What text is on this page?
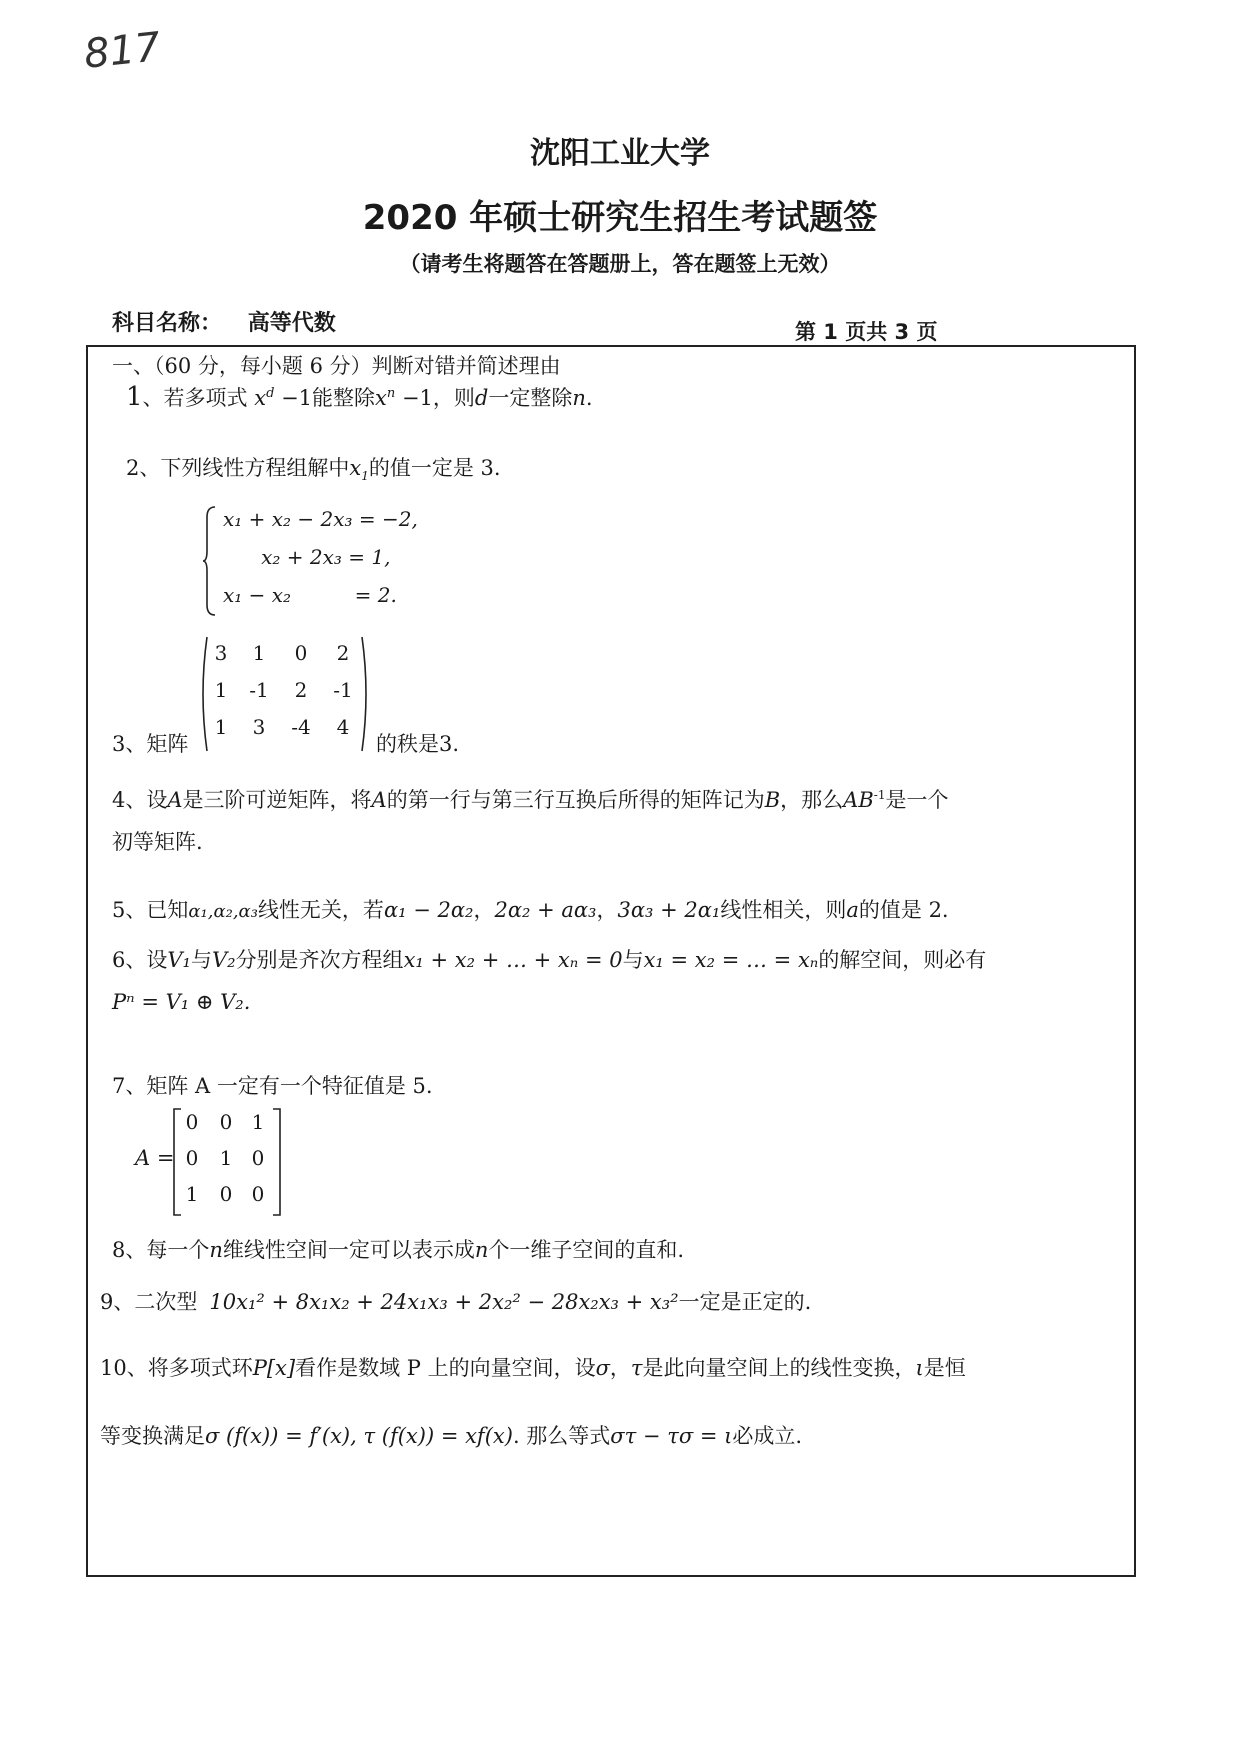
817
沈阳工业大学
2020 年硕士研究生招生考试题签
（请考生将题答在答题册上，答在题签上无效）
科目名称： 高等代数	第 1 页共 3 页
一、（60 分，每小题 6 分）判断对错并简述理由
1、若多项式 $x^d -1$能整除$x^n -1$，则d一定整除n.
2、下列线性方程组解中$x_1$的值一定是 3.
x₁ + x₂ − 2x₃ = −2,
x₂ + 2x₃ = 1,
x₁ − x₂          = 2.
3、矩阵
3	1	0	2
1	-1	2	-1
1	3	-4	4
的秩是3.
4、设A是三阶可逆矩阵，将A的第一行与第三行互换后所得的矩阵记为B，那么$AB^{-1}$是一个
初等矩阵.
5、已知α₁,α₂,α₃线性无关，若α₁ − 2α₂，2α₂ + aα₃，3α₃ + 2α₁线性相关，则a的值是 2.
6、设V₁与V₂分别是齐次方程组x₁ + x₂ + … + xₙ = 0与x₁ = x₂ = … = xₙ的解空间，则必有
Pⁿ = V₁ ⊕ V₂.
7、矩阵 A 一定有一个特征值是 5.
A =
0	0 1
0	1 0
1	0 0
8、每一个n维线性空间一定可以表示成n个一维子空间的直和.
9、二次型 10x₁² + 8x₁x₂ + 24x₁x₃ + 2x₂² − 28x₂x₃ + x₃²一定是正定的.
10、将多项式环P[x]看作是数域 P 上的向量空间，设σ，τ是此向量空间上的线性变换，ι是恒
等变换满足σ (f(x)) = f′(x), τ (f(x)) = xf(x). 那么等式στ − τσ = ι必成立.
